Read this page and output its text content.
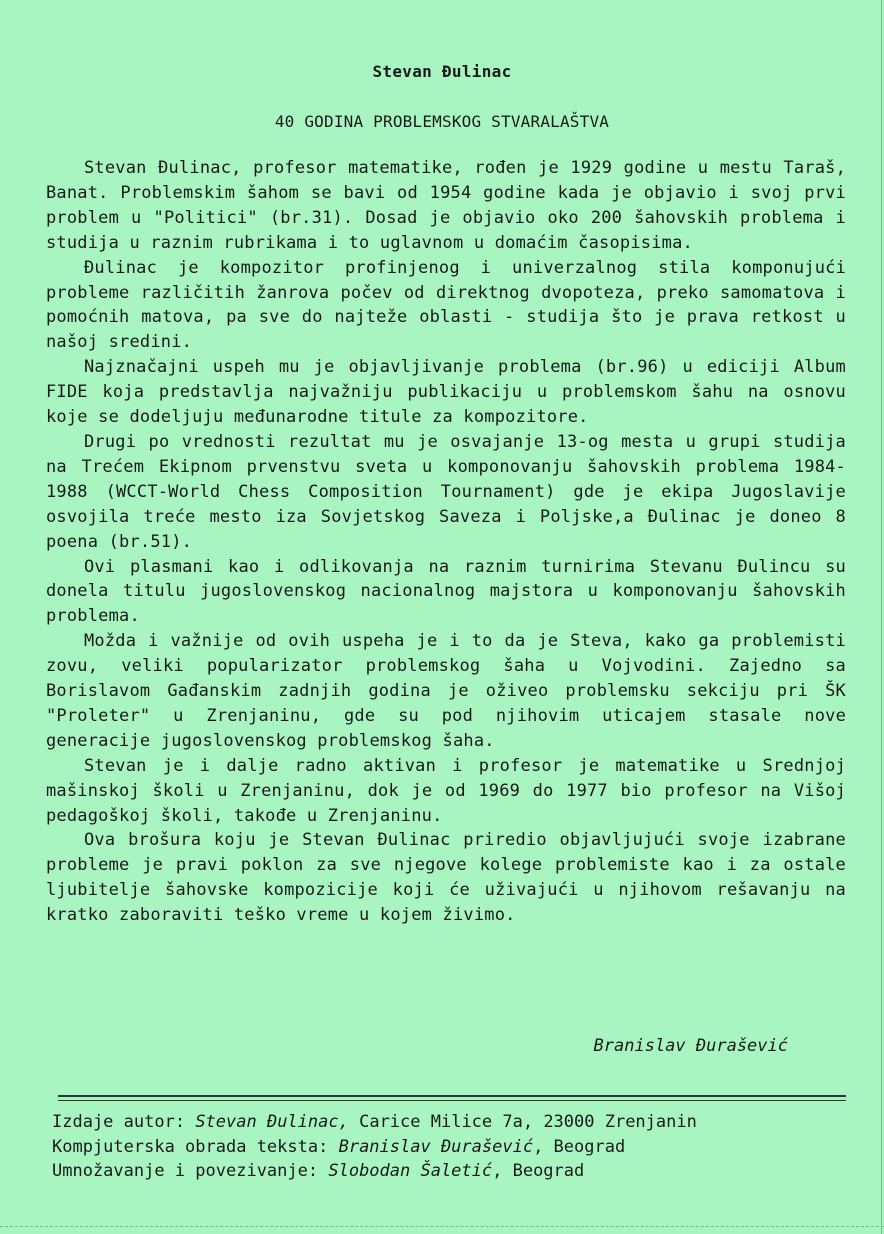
Stevan Đulinac
40 GODINA PROBLEMSKOG STVARALAŠTVA

Stevan Đulinac, profesor matematike, rođen je 1929 godine u mestu Taraš, Banat. Problemskim šahom se bavi od 1954 godine kada je objavio i svoj prvi problem u "Politici" (br.31). Dosad je objavio oko 200 šahovskih problema i studija u raznim rubrikama i to uglavnom u domaćim časopisima.

Đulinac je kompozitor profinjenog i univerzalnog stila komponujući probleme različitih žanrova počev od direktnog dvopoteza, preko samomatova i pomoćnih matova, pa sve do najteže oblasti - studija što je prava retkost u našoj sredini.

Najznačajni uspeh mu je objavljivanje problema (br.96) u ediciji Album FIDE koja predstavlja najvažniju publikaciju u problemskom šahu na osnovu koje se dodeljuju međunarodne titule za kompozitore.

Drugi po vrednosti rezultat mu je osvajanje 13-og mesta u grupi studija na Trećem Ekipnom prvenstvu sveta u komponovanju šahovskih problema 1984-1988 (WCCT-World Chess Composition Tournament) gde je ekipa Jugoslavije osvojila treće mesto iza Sovjetskog Saveza i Poljske,a Đulinac je doneo 8 poena (br.51).

Ovi plasmani kao i odlikovanja na raznim turnirima Stevanu Đulincu su donela titulu jugoslovenskog nacionalnog majstora u komponovanju šahovskih problema.

Možda i važnije od ovih uspeha je i to da je Steva, kako ga problemisti zovu, veliki popularizator problemskog šaha u Vojvodini. Zajedno sa Borislavom Gađanskim zadnjih godina je oživeo problemsku sekciju pri ŠK "Proleter" u Zrenjaninu, gde su pod njihovim uticajem stasale nove generacije jugoslovenskog problemskog šaha.

Stevan je i dalje radno aktivan i profesor je matematike u Srednjoj mašinskoj školi u Zrenjaninu, dok je od 1969 do 1977 bio profesor na Višoj pedagoškoj školi, takođe u Zrenjaninu.

Ova brošura koju je Stevan Đulinac priredio objavljujući svoje izabrane probleme je pravi poklon za sve njegove kolege problemiste kao i za ostale ljubitelje šahovske kompozicije koji će uživajući u njihovom rešavanju na kratko zaboraviti teško vreme u kojem živimo.

Branislav Đurašević
Izdaje autor: Stevan Đulinac, Carice Milice 7a, 23000 Zrenjanin
Kompjuterska obrada teksta: Branislav Đurašević, Beograd
Umnožavanje i povezivanje: Slobodan Šaletić, Beograd
